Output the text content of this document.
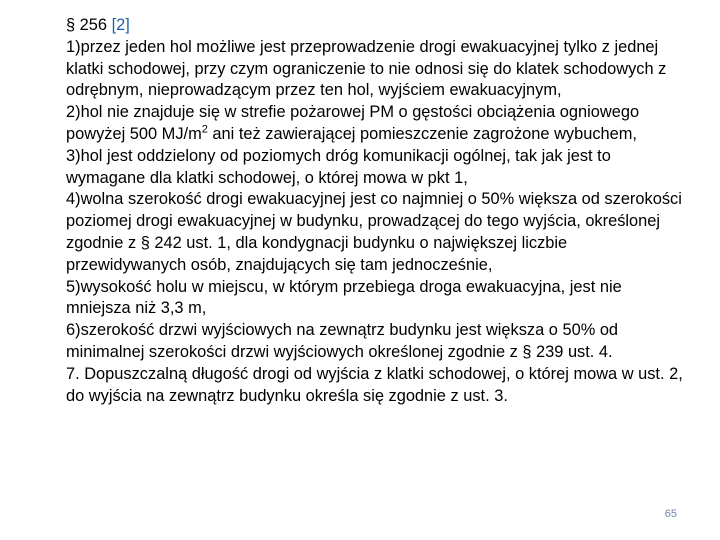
§ 256 [2]

1)przez jeden hol możliwe jest przeprowadzenie drogi ewakuacyjnej tylko z jednej klatki schodowej, przy czym ograniczenie to nie odnosi się do klatek schodowych z odrębnym, nieprowadzącym przez ten hol, wyjściem ewakuacyjnym,

2)hol nie znajduje się w strefie pożarowej PM o gęstości obciążenia ogniowego powyżej 500 $MJ/m^2$ ani też zawierającej pomieszczenie zagrożone wybuchem,

3)hol jest oddzielony od poziomych dróg komunikacji ogólnej, tak jak jest to wymagane dla klatki schodowej, o której mowa w pkt 1,

4)wolna szerokość drogi ewakuacyjnej jest co najmniej o 50% większa od szerokości poziomej drogi ewakuacyjnej w budynku, prowadzącej do tego wyjścia, określonej zgodnie z § 242 ust. 1, dla kondygnacji budynku o największej liczbie przewidywanych osób, znajdujących się tam jednocześnie,

5)wysokość holu w miejscu, w którym przebiega droga ewakuacyjna, jest nie mniejsza niż 3,3 m,

6)szerokość drzwi wyjściowych na zewnątrz budynku jest większa o 50% od minimalnej szerokości drzwi wyjściowych określonej zgodnie z § 239 ust. 4.

7. Dopuszczalną długość drogi od wyjścia z klatki schodowej, o której mowa w ust. 2, do wyjścia na zewnątrz budynku określa się zgodnie z ust. 3.

65
